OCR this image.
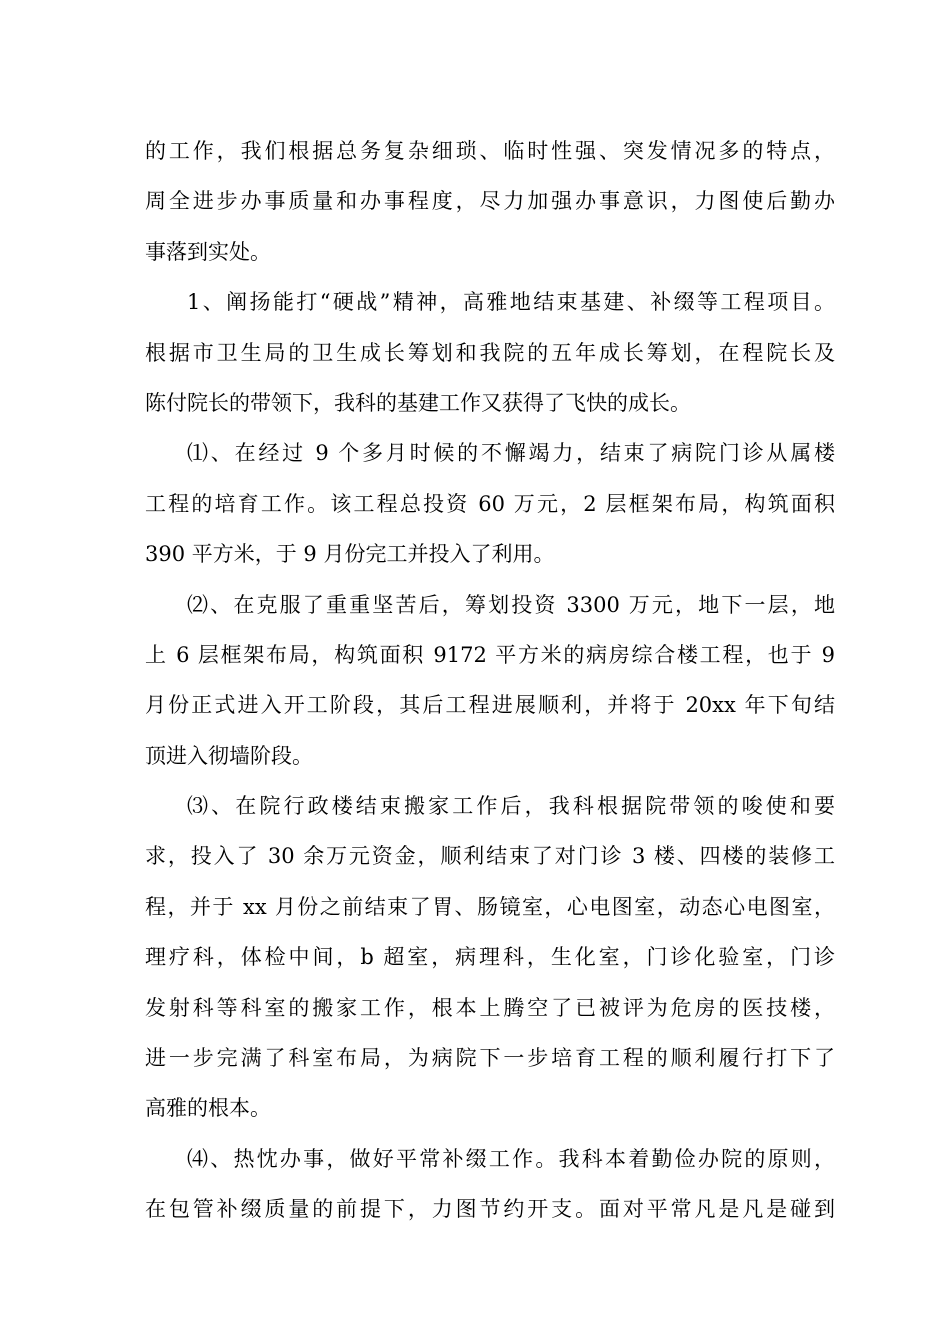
的工作，我们根据总务复杂细琐、临时性强、突发情况多的特点，
周全进步办事质量和办事程度，尽力加强办事意识，力图使后勤办
事落到实处。
1、阐扬能打“硬战”精神，高雅地结束基建、补缀等工程项目。
根据市卫生局的卫生成长筹划和我院的五年成长筹划，在程院长及
陈付院长的带领下，我科的基建工作又获得了飞快的成长。
⑴、在经过 9 个多月时候的不懈竭力，结束了病院门诊从属楼
工程的培育工作。该工程总投资 60 万元，2 层框架布局，构筑面积
390 平方米，于 9 月份完工并投入了利用。
⑵、在克服了重重坚苦后，筹划投资 3300 万元，地下一层，地
上 6 层框架布局，构筑面积 9172 平方米的病房综合楼工程，也于 9
月份正式进入开工阶段，其后工程进展顺利，并将于 20xx 年下旬结
顶进入彻墙阶段。
⑶、在院行政楼结束搬家工作后，我科根据院带领的唆使和要
求，投入了 30 余万元资金，顺利结束了对门诊 3 楼、四楼的装修工
程，并于 xx 月份之前结束了胃、肠镜室，心电图室，动态心电图室，
理疗科，体检中间，b 超室，病理科，生化室，门诊化验室，门诊
发射科等科室的搬家工作，根本上腾空了已被评为危房的医技楼，
进一步完满了科室布局，为病院下一步培育工程的顺利履行打下了
高雅的根本。
⑷、热忱办事，做好平常补缀工作。我科本着勤俭办院的原则，
在包管补缀质量的前提下，力图节约开支。面对平常凡是凡是碰到
